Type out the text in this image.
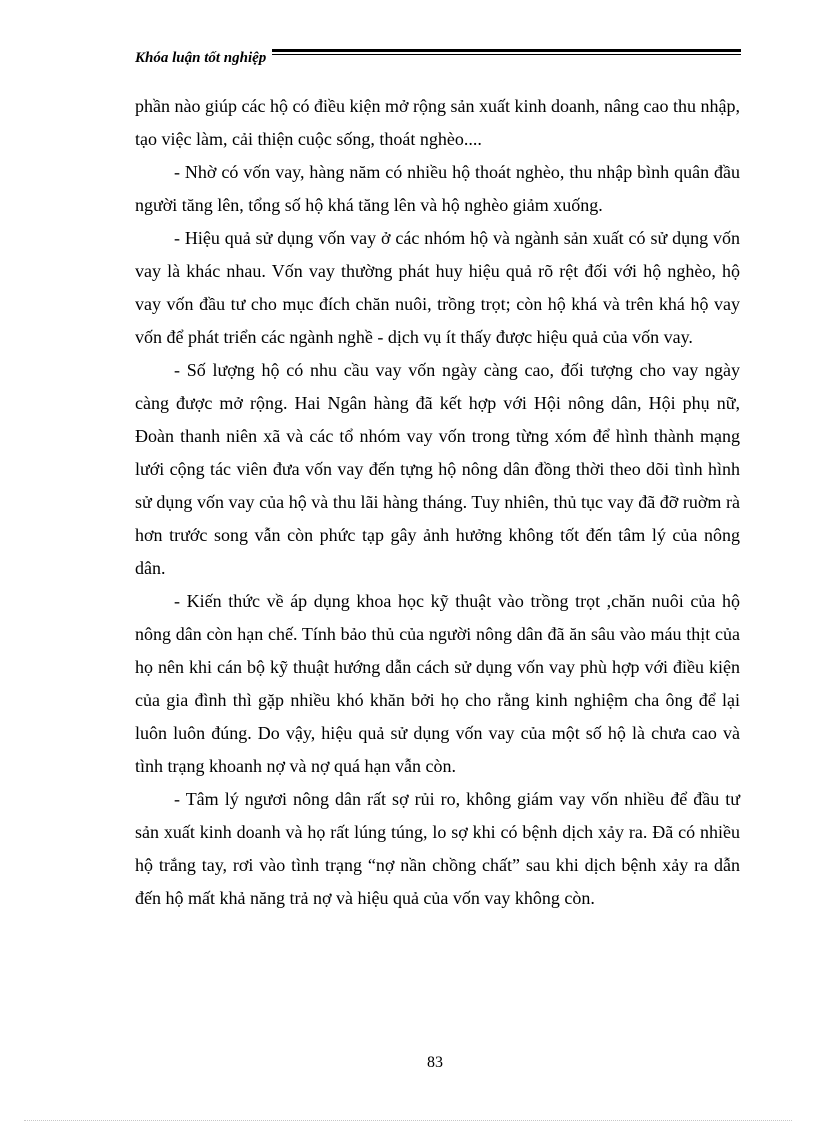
Khóa luận tốt nghiệp

phần nào giúp các hộ có điều kiện mở rộng sản xuất kinh doanh, nâng cao thu nhập, tạo việc làm, cải thiện cuộc sống, thoát nghèo....

- Nhờ có vốn vay, hàng năm có nhiều hộ thoát nghèo, thu nhập bình quân đầu người tăng lên, tổng số hộ khá tăng lên và hộ nghèo giảm xuống.

- Hiệu quả sử dụng vốn vay ở các nhóm hộ và ngành sản xuất có sử dụng vốn vay là khác nhau. Vốn vay thường phát huy hiệu quả rõ rệt đối với hộ nghèo, hộ vay vốn đầu tư cho mục đích chăn nuôi, trồng trọt; còn hộ khá và trên khá hộ vay vốn để phát triển các ngành nghề - dịch vụ ít thấy được hiệu quả của vốn vay.

- Số lượng hộ có nhu cầu vay vốn ngày càng cao, đối tượng cho vay ngày càng được mở rộng. Hai Ngân hàng đã kết hợp với Hội nông dân, Hội phụ nữ, Đoàn thanh niên xã và các tổ nhóm vay vốn trong từng xóm để hình thành mạng lưới cộng tác viên đưa vốn vay đến tựng hộ nông dân đồng thời theo dõi tình hình sử dụng vốn vay của hộ và thu lãi hàng tháng. Tuy nhiên, thủ tục vay đã đỡ ruờm rà hơn trước song vẫn còn phức tạp gây ảnh hưởng không tốt đến tâm lý của nông dân.

- Kiến thức về áp dụng khoa học kỹ thuật vào trồng trọt ,chăn nuôi của hộ nông dân còn hạn chế. Tính bảo thủ của người nông dân đã ăn sâu vào máu thịt của họ nên khi cán bộ kỹ thuật hướng dẫn cách sử dụng vốn vay phù hợp với điều kiện của gia đình thì gặp nhiều khó khăn bởi họ cho rằng kinh nghiệm cha ông để lại luôn luôn đúng. Do vậy, hiệu quả sử dụng vốn vay của một số hộ là chưa cao và tình trạng khoanh nợ và nợ quá hạn vẫn còn.

- Tâm lý ngươi nông dân rất sợ rủi ro, không giám vay vốn nhiều để đầu tư sản xuất kinh doanh và họ rất lúng túng, lo sợ khi có bệnh dịch xảy ra. Đã có nhiều hộ trắng tay, rơi vào tình trạng “nợ nần chồng chất” sau khi dịch bệnh xảy ra dẫn đến hộ mất khả năng trả nợ và hiệu quả của vốn vay không còn.

83
